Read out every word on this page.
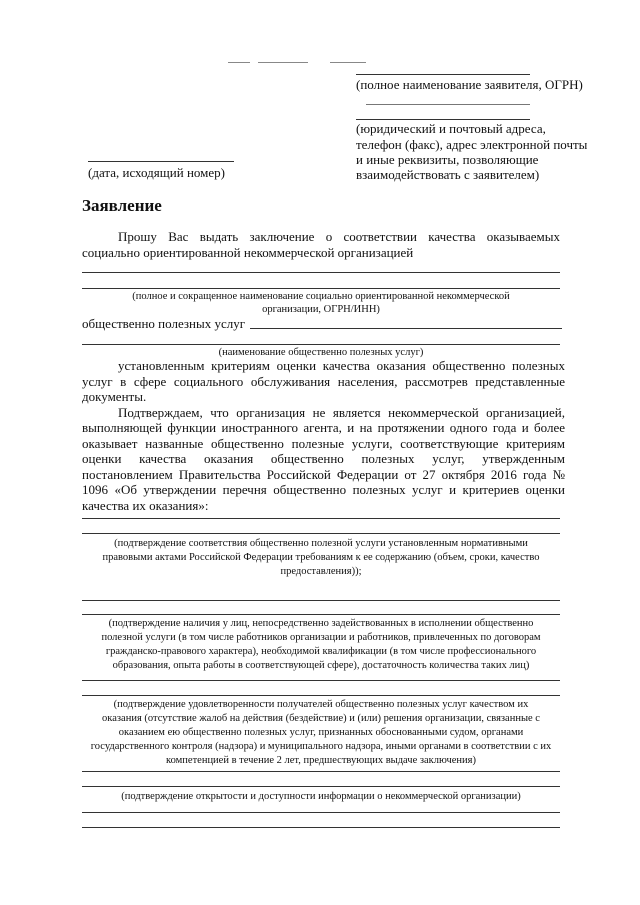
(полное наименование заявителя, ОГРН)
(юридический и почтовый адреса,
телефон (факс), адрес электронной почты
и иные реквизиты, позволяющие
взаимодействовать с заявителем)
(дата, исходящий номер)
Заявление

Прошу Вас выдать заключение о соответствии качества оказываемых социально ориентированной некоммерческой организацией

(полное и сокращенное наименование социально ориентированной некоммерческой
организации, ОГРН/ИНН)
общественно полезных услуг
(наименование общественно полезных услуг)

установленным критериям оценки качества оказания общественно полезных услуг в сфере социального обслуживания населения, рассмотрев представленные документы.

Подтверждаем, что организация не является некоммерческой организацией, выполняющей функции иностранного агента, и на протяжении одного года и более оказывает названные общественно полезные услуги, соответствующие критериям оценки качества оказания общественно полезных услуг, утвержденным постановлением Правительства Российской Федерации от 27 октября 2016 года № 1096 «Об утверждении перечня общественно полезных услуг и критериев оценки качества их оказания»:

(подтверждение соответствия общественно полезной услуги установленным нормативными
правовыми актами Российской Федерации требованиям к ее содержанию (объем, сроки, качество
предоставления));
(подтверждение наличия у лиц, непосредственно задействованных в исполнении общественно
полезной услуги (в том числе работников организации и работников, привлеченных по договорам
гражданско-правового характера), необходимой квалификации (в том числе профессионального
образования, опыта работы в соответствующей сфере), достаточность количества таких лиц)
(подтверждение удовлетворенности получателей общественно полезных услуг качеством их
оказания (отсутствие жалоб на действия (бездействие) и (или) решения организации, связанные с
оказанием ею общественно полезных услуг, признанных обоснованными судом, органами
государственного контроля (надзора) и муниципального надзора, иными органами в соответствии с их
компетенцией в течение 2 лет, предшествующих выдаче заключения)
(подтверждение открытости и доступности информации о некоммерческой организации)
